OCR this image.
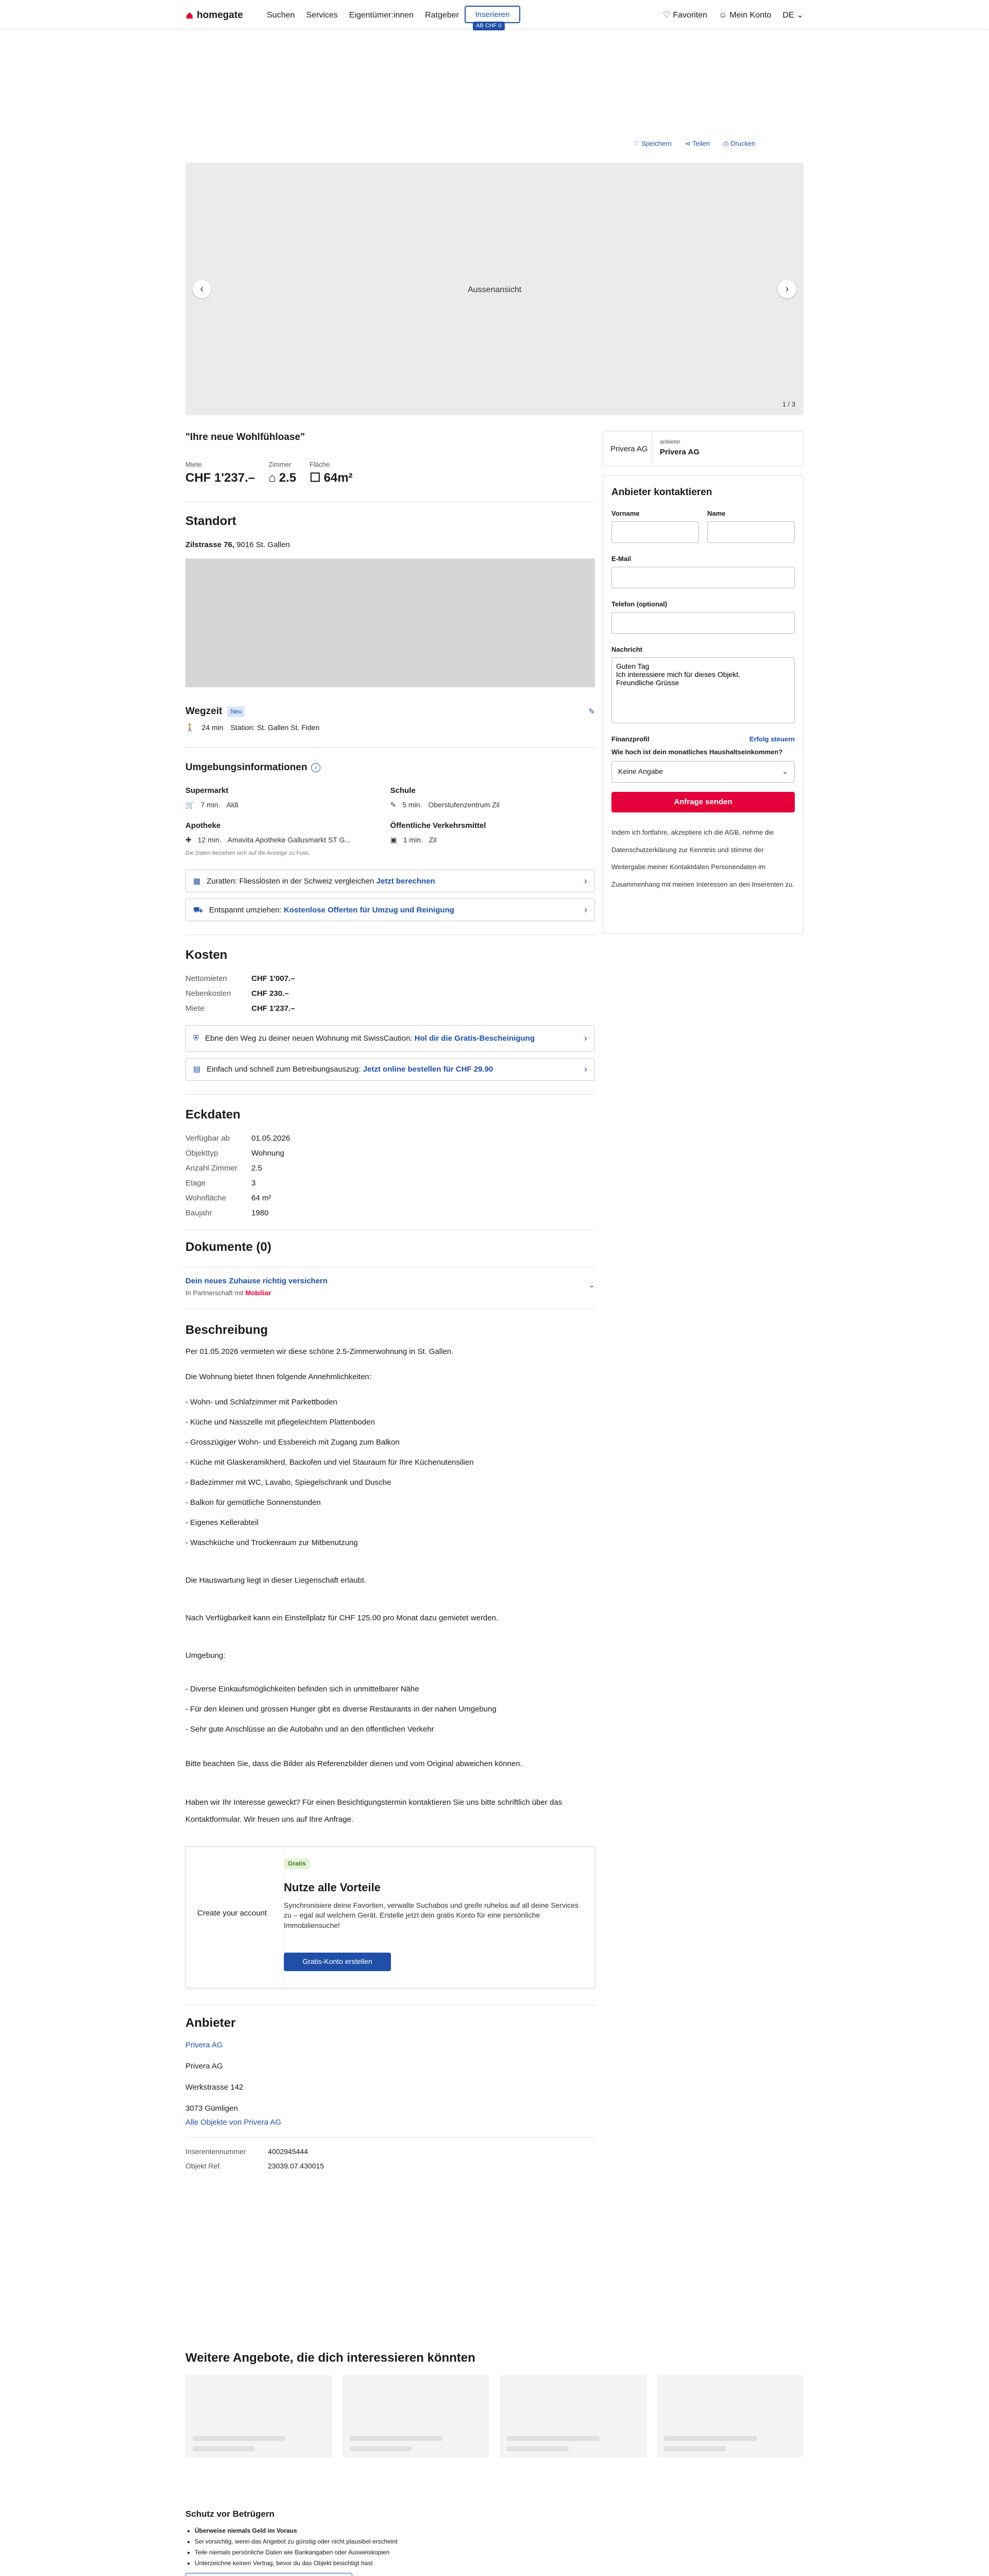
homegate	Suchen Services Eigentümer:innen Ratgeber	Inserieren
AB CHF 0
♡ Favoriten ☺ Mein Konto DE ⌄
♡ Speichern ⋖ Teilen ⎙ Drucken
Aussenansicht
‹	›
1 / 3
"Ihre neue Wohlfühloase"
Miete
CHF 1'237.–
Zimmer
⌂ 2.5
Fläche
☐ 64m²
Standort
Zilstrasse 76, 9016 St. Gallen
Wegzeit	Neu	✎
🚶 24 min Station: St. Gallen St. Fiden
Umgebungsinformationen	i
Supermarkt
🛒 7 min. Aldi
Schule
✎ 5 min. Oberstufenzentrum Zil
Apotheke
✚ 12 min. Amavita Apotheke Gallusmarkt ST G...
Öffentliche Verkehrsmittel
▣ 1 min. Zil
Die Daten beziehen sich auf die Anzeige zu Fuss.
▦ Zuratlen: Fliesslösten in der Schweiz vergleichen Jetzt berechnen	›
⛟ Entspannt umziehen: Kostenlose Offerten für Umzug und Reinigung	›
Kosten
Nettomieten	CHF 1'007.–
Nebenkosten	CHF 230.–
Miete	CHF 1'237.–
⛨ Ebne den Weg zu deiner neuen Wohnung mit SwissCaution: Hol dir die Gratis-Bescheinigung	›
▤ Einfach und schnell zum Betreibungsauszug: Jetzt online bestellen für CHF 29.90	›
Eckdaten
Verfügbar ab	01.05.2026
Objekttyp	Wohnung
Anzahl Zimmer	2.5
Etage	3
Wohnfläche	64 m²
Baujahr	1980
Dokumente (0)
Dein neues Zuhause richtig versichern
In Partnerschaft mit Mobiliar
⌄
Beschreibung

Per 01.05.2026 vermieten wir diese schöne 2.5-Zimmerwohnung in St. Gallen.

Die Wohnung bietet Ihnen folgende Annehmlichkeiten:

- Wohn- und Schlafzimmer mit Parkettboden

- Küche und Nasszelle mit pflegeleichtem Plattenboden

- Grosszügiger Wohn- und Essbereich mit Zugang zum Balkon

- Küche mit Glaskeramikherd, Backofen und viel Stauraum für Ihre Küchenutensilien

- Badezimmer mit WC, Lavabo, Spiegelschrank und Dusche

- Balkon für gemütliche Sonnenstunden

- Eigenes Kellerabteil

- Waschküche und Trockenraum zur Mitbenutzung

Die Hauswartung liegt in dieser Liegenschaft erlaubt.

Nach Verfügbarkeit kann ein Einstellplatz für CHF 125.00 pro Monat dazu gemietet werden.

Umgebung:

- Diverse Einkaufsmöglichkeiten befinden sich in unmittelbarer Nähe

- Für den kleinen und grossen Hunger gibt es diverse Restaurants in der nahen Umgebung

- Sehr gute Anschlüsse an die Autobahn und an den öffentlichen Verkehr

Bitte beachten Sie, dass die Bilder als Referenzbilder dienen und vom Original abweichen können.

Haben wir Ihr Interesse geweckt? Für einen Besichtigungstermin kontaktieren Sie uns bitte schriftlich über das Kontaktformular. Wir freuen uns auf Ihre Anfrage.

Create your account
Gratis
Nutze alle Vorteile
Synchronisiere deine Favoriten, verwalte Suchabos und greife ruhelos auf all deine Services zu – egal auf welchem Gerät. Erstelle jetzt dein gratis Konto für eine persönliche Immobiliensuche!
Gratis-Konto erstellen
Anbieter
Privera AG
Privera AG
Werkstrasse 142
3073 Gümligen
Alle Objekte von Privera AG
Inserentennummer	4002945444
Objekt Ref.	23039.07.430015
Privera AG
anbieter
Privera AG
Anbieter kontaktieren
Vorname	Name
E-Mail
Telefon (optional)
Nachricht
Guten Tag Ich interessiere mich für dieses Objekt. Freundliche Grüsse
Finanzprofil	Erfolg steuern
Wie hoch ist dein monatliches Haushaltseinkommen?
Keine Angabe	⌄
Anfrage senden
Indem ich fortfahre, akzeptiere ich die AGB, nehme die Datenschutzerklärung zur Kenntnis und stimme der Weitergabe meiner Kontaktdaten Personendaten im Zusammenhang mit meinen Interessen an den Inserenten zu.
Weitere Angebote, die dich interessieren könnten
Schutz vor Betrügern
• Überweise niemals Geld im Voraus
• Sei vorsichtig, wenn das Angebot zu günstig oder nicht plausibel erscheint
• Teile niemals persönliche Daten wie Bankangaben oder Ausweiskopien
• Unterzeichne keinen Vertrag, bevor du das Objekt besichtigt hast
